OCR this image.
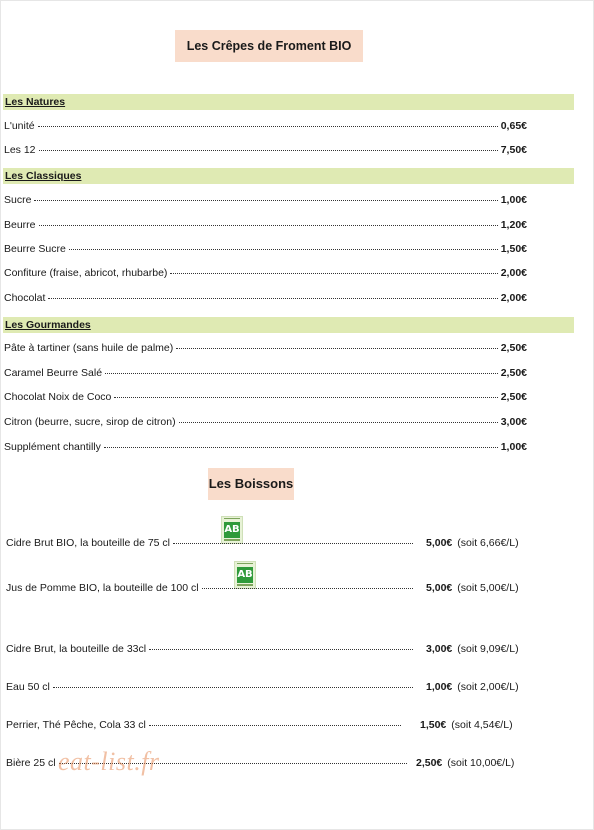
Les Crêpes de Froment BIO
Les Natures
L'unité	0,65€
Les 12	7,50€
Les Classiques
Sucre	1,00€
Beurre	1,20€
Beurre Sucre	1,50€
Confiture (fraise, abricot, rhubarbe)	2,00€
Chocolat	2,00€
Les Gourmandes
Pâte à tartiner (sans huile de palme)	2,50€
Caramel Beurre Salé	2,50€
Chocolat Noix de Coco	2,50€
Citron (beurre, sucre, sirop de citron)	3,00€
Supplément chantilly	1,00€
Les Boissons
AB
Cidre Brut BIO, la bouteille de 75 cl	5,00€ (soit 6,66€/L)
AB
Jus de Pomme BIO, la bouteille de 100 cl	5,00€ (soit 5,00€/L)
Cidre Brut, la bouteille de 33cl	3,00€ (soit 9,09€/L)
Eau 50 cl	1,00€ (soit 2,00€/L)
Perrier, Thé Pêche, Cola 33 cl	1,50€ (soit 4,54€/L)
Bière 25 cl	2,50€ (soit 10,00€/L)
eat-list.fr
